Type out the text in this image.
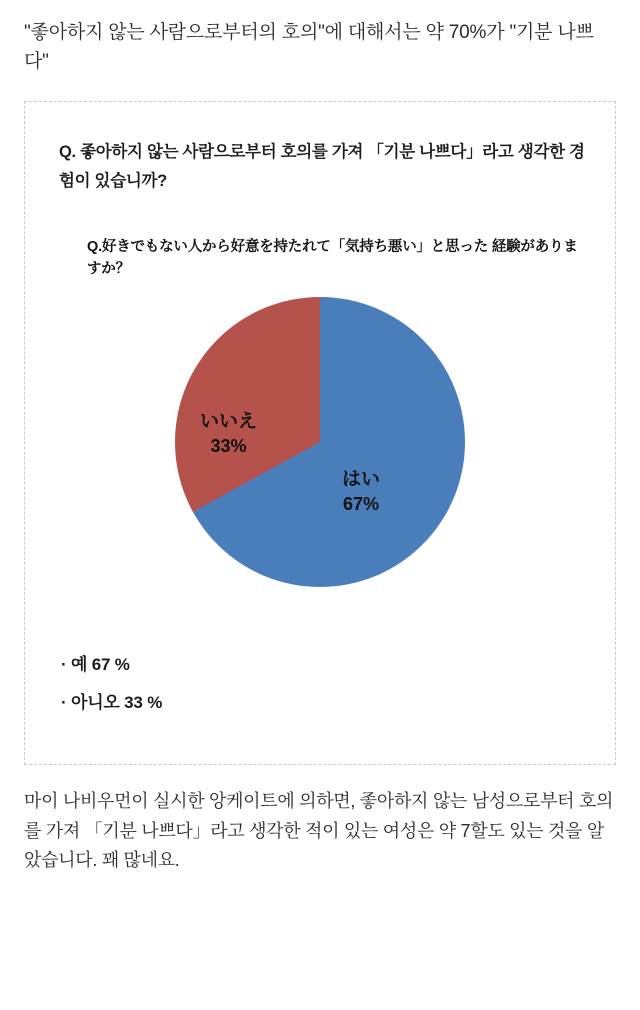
"좋아하지 않는 사람으로부터의 호의"에 대해서는 약 70%가 "기분 나쁘다"
Q. 좋아하지 않는 사람으로부터 호의를 가져 「기분 나쁘다」라고 생각한 경험이 있습니까?
Q.好きでもない人から好意を持たれて「気持ち悪い」と思った 経験がありますか？
はい
67%
いいえ
33%
· 예 67 %
· 아니오 33 %

마이 나비우먼이 실시한 앙케이트에 의하면, 좋아하지 않는 남성으로부터 호의를 가져 「기분 나쁘다」라고 생각한 적이 있는 여성은 약 7할도 있는 것을 알았습니다. 꽤 많네요.
